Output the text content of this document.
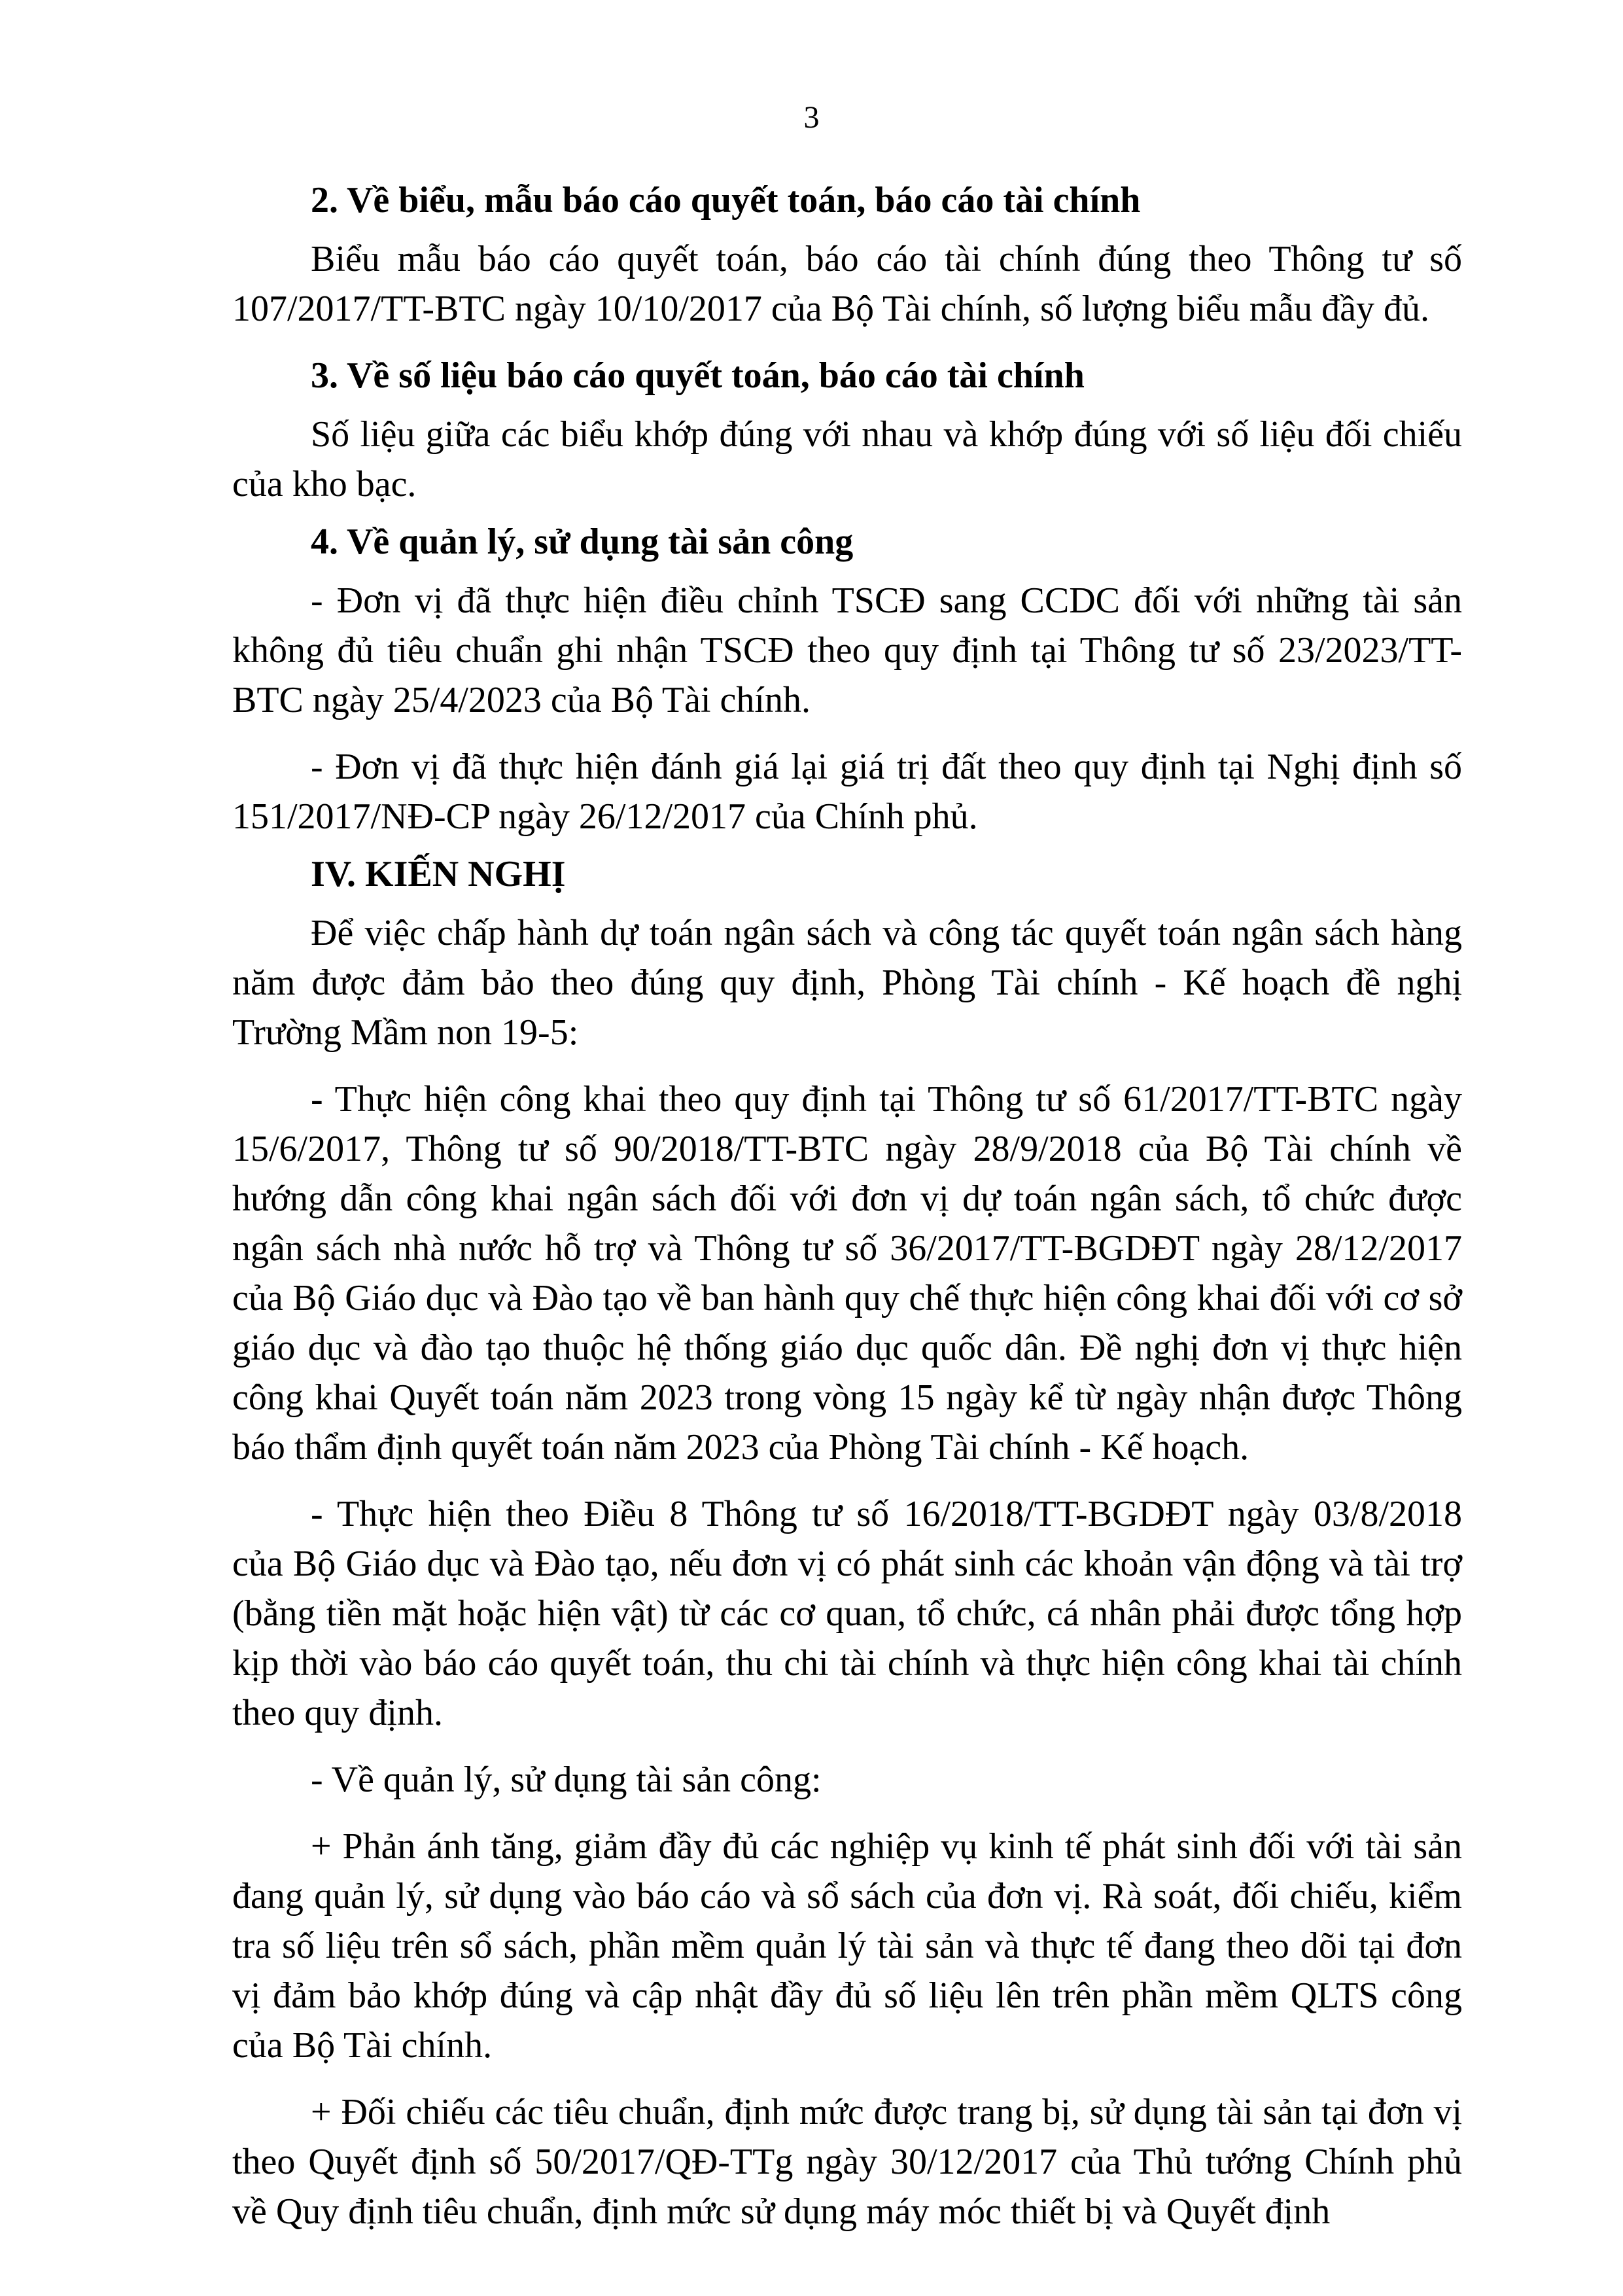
3

2. Về biểu, mẫu báo cáo quyết toán, báo cáo tài chính

Biểu mẫu báo cáo quyết toán, báo cáo tài chính đúng theo Thông tư số 107/2017/TT-BTC ngày 10/10/2017 của Bộ Tài chính, số lượng biểu mẫu đầy đủ.

3. Về số liệu báo cáo quyết toán, báo cáo tài chính

Số liệu giữa các biểu khớp đúng với nhau và khớp đúng với số liệu đối chiếu của kho bạc.

4. Về quản lý, sử dụng tài sản công

- Đơn vị đã thực hiện điều chỉnh TSCĐ sang CCDC đối với những tài sản không đủ tiêu chuẩn ghi nhận TSCĐ theo quy định tại Thông tư số 23/2023/TT-BTC ngày 25/4/2023 của Bộ Tài chính.

- Đơn vị đã thực hiện đánh giá lại giá trị đất theo quy định tại Nghị định số 151/2017/NĐ-CP ngày 26/12/2017 của Chính phủ.

IV. KIẾN NGHỊ

Để việc chấp hành dự toán ngân sách và công tác quyết toán ngân sách hàng năm được đảm bảo theo đúng quy định, Phòng Tài chính - Kế hoạch đề nghị Trường Mầm non 19-5:

- Thực hiện công khai theo quy định tại Thông tư số 61/2017/TT-BTC ngày 15/6/2017, Thông tư số 90/2018/TT-BTC ngày 28/9/2018 của Bộ Tài chính về hướng dẫn công khai ngân sách đối với đơn vị dự toán ngân sách, tổ chức được ngân sách nhà nước hỗ trợ và Thông tư số 36/2017/TT-BGDĐT ngày 28/12/2017 của Bộ Giáo dục và Đào tạo về ban hành quy chế thực hiện công khai đối với cơ sở giáo dục và đào tạo thuộc hệ thống giáo dục quốc dân. Đề nghị đơn vị thực hiện công khai Quyết toán năm 2023 trong vòng 15 ngày kể từ ngày nhận được Thông báo thẩm định quyết toán năm 2023 của Phòng Tài chính - Kế hoạch.

- Thực hiện theo Điều 8 Thông tư số 16/2018/TT-BGDĐT ngày 03/8/2018 của Bộ Giáo dục và Đào tạo, nếu đơn vị có phát sinh các khoản vận động và tài trợ (bằng tiền mặt hoặc hiện vật) từ các cơ quan, tổ chức, cá nhân phải được tổng hợp kịp thời vào báo cáo quyết toán, thu chi tài chính và thực hiện công khai tài chính theo quy định.

- Về quản lý, sử dụng tài sản công:

+ Phản ánh tăng, giảm đầy đủ các nghiệp vụ kinh tế phát sinh đối với tài sản đang quản lý, sử dụng vào báo cáo và sổ sách của đơn vị. Rà soát, đối chiếu, kiểm tra số liệu trên sổ sách, phần mềm quản lý tài sản và thực tế đang theo dõi tại đơn vị đảm bảo khớp đúng và cập nhật đầy đủ số liệu lên trên phần mềm QLTS công của Bộ Tài chính.

+ Đối chiếu các tiêu chuẩn, định mức được trang bị, sử dụng tài sản tại đơn vị theo Quyết định số 50/2017/QĐ-TTg ngày 30/12/2017 của Thủ tướng Chính phủ về Quy định tiêu chuẩn, định mức sử dụng máy móc thiết bị và Quyết định
